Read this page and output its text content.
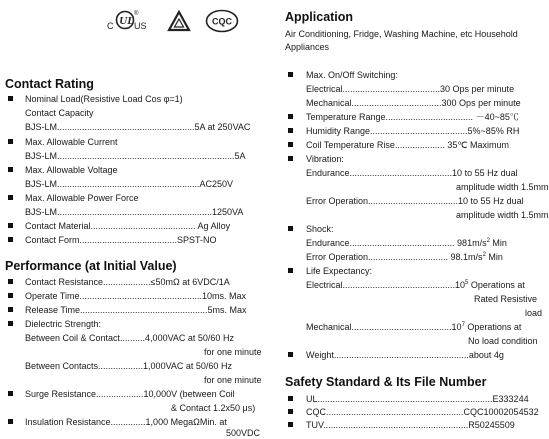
C UL US
®
CQC
Contact Rating
Nominal Load(Resistive Load Cos φ=1)
Contact Capacity
BJS-LM.......................................................5A at 250VAC
Max. Allowable Current
BJS-LM.......................................................................5A
Max. Allowable Voltage
BJS-LM.........................................................AC250V
Max. Allowable Power Force
BJS-LM..............................................................1250VA
Contact Material.......................................... Ag Alloy
Contact Form.......................................SPST-NO
Performance (at Initial Value)
Contact Resistance...................≤50mΩ at 6VDC/1A
Operate Time.................................................10ms. Max
Release Time...................................................5ms. Max
Dielectric Strength:
Between Coil & Contact..........4,000VAC at 50/60 Hz
for one minute
Between Contacts..................1,000VAC at 50/60 Hz
for one minute
Surge Resistance...................10,000V (between Coil
& Contact 1.2x50 μs)
Insulation Resistance..............1,000 MegaΩMin. at
500VDC
Application
Air Conditioning, Fridge, Washing Machine, etc Household
Appliances
Max. On/Off Switching:
Electrical.......................................30 Ops per minute
Mechanical....................................300 Ops per minute
Temperature Range................................... －40~85℃
Humidity Range.......................................5%~85% RH
Coil Temperature Rise.................... 35℃ Maximum
Vibration:
Endurance.........................................10 to 55 Hz dual
amplitude width 1.5mm
Error Operation....................................10 to 55 Hz dual
amplitude width 1.5mm
Shock:
Endurance.......................................... $981m/s^2$ Min
Error Operation................................ $98.1m/s^2$ Min
Life Expectancy:
Electrical.............................................10$^5$ Operations at
Rated Resistive
load
Mechanical........................................10$^7$ Operations at
No load condition
Weight......................................................about 4g
Safety Standard & Its File Number
UL......................................................................E333244
CQC.......................................................CQC10002054532
TUV..........................................................R50245509
